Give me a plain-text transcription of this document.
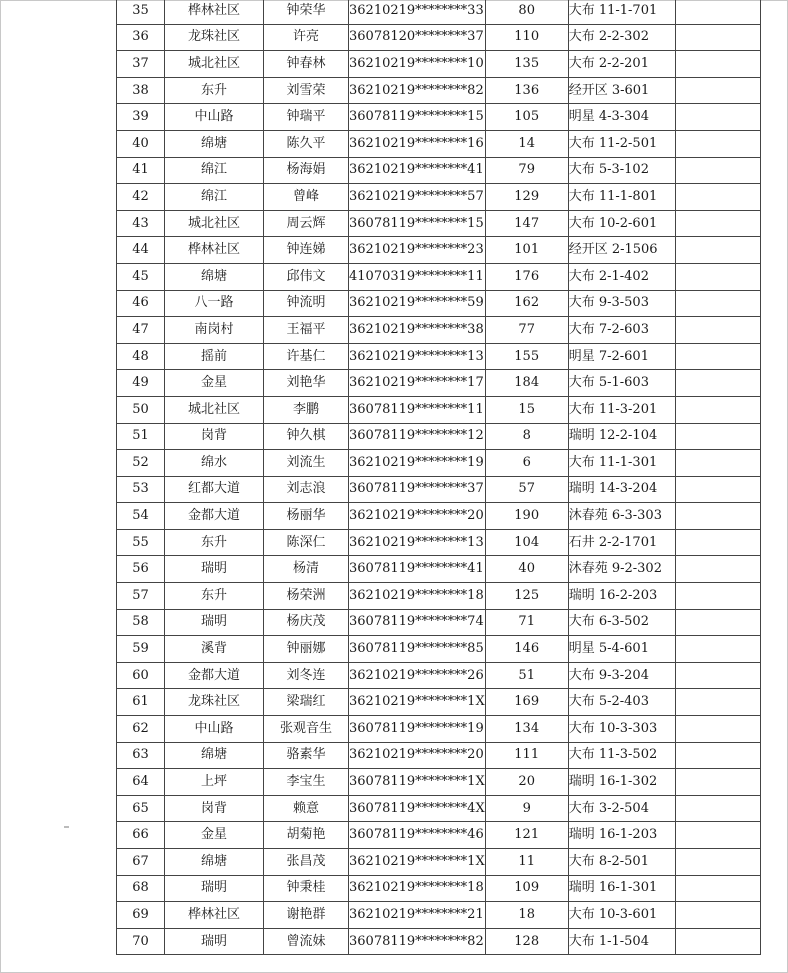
35	桦林社区	钟荣华	36210219********33	80	大布 11-1-701	
36	龙珠社区	许亮	36078120********37	110	大布 2-2-302	
37	城北社区	钟春林	36210219********10	135	大布 2-2-201	
38	东升	刘雪荣	36210219********82	136	经开区 3-601	
39	中山路	钟瑞平	36078119********15	105	明星 4-3-304	
40	绵塘	陈久平	36210219********16	14	大布 11-2-501	
41	绵江	杨海娟	36210219********41	79	大布 5-3-102	
42	绵江	曾峰	36210219********57	129	大布 11-1-801	
43	城北社区	周云辉	36078119********15	147	大布 10-2-601	
44	桦林社区	钟连娣	36210219********23	101	经开区 2-1506	
45	绵塘	邱伟文	41070319********11	176	大布 2-1-402	
46	八一路	钟流明	36210219********59	162	大布 9-3-503	
47	南岗村	王福平	36210219********38	77	大布 7-2-603	
48	摇前	许基仁	36210219********13	155	明星 7-2-601	
49	金星	刘艳华	36210219********17	184	大布 5-1-603	
50	城北社区	李鹏	36078119********11	15	大布 11-3-201	
51	岗背	钟久棋	36078119********12	8	瑞明 12-2-104	
52	绵水	刘流生	36210219********19	6	大布 11-1-301	
53	红都大道	刘志浪	36078119********37	57	瑞明 14-3-204	
54	金都大道	杨丽华	36210219********20	190	沐春苑 6-3-303	
55	东升	陈深仁	36210219********13	104	石井 2-2-1701	
56	瑞明	杨清	36078119********41	40	沐春苑 9-2-302	
57	东升	杨荣洲	36210219********18	125	瑞明 16-2-203	
58	瑞明	杨庆茂	36078119********74	71	大布 6-3-502	
59	溪背	钟丽娜	36078119********85	146	明星 5-4-601	
60	金都大道	刘冬连	36210219********26	51	大布 9-3-204	
61	龙珠社区	梁瑞红	36210219********1X	169	大布 5-2-403	
62	中山路	张观音生	36078119********19	134	大布 10-3-303	
63	绵塘	骆素华	36210219********20	111	大布 11-3-502	
64	上坪	李宝生	36078119********1X	20	瑞明 16-1-302	
65	岗背	赖意	36078119********4X	9	大布 3-2-504	
66	金星	胡菊艳	36078119********46	121	瑞明 16-1-203	
67	绵塘	张昌茂	36210219********1X	11	大布 8-2-501	
68	瑞明	钟秉桂	36210219********18	109	瑞明 16-1-301	
69	桦林社区	谢艳群	36210219********21	18	大布 10-3-601	
70	瑞明	曾流妹	36078119********82	128	大布 1-1-504	
